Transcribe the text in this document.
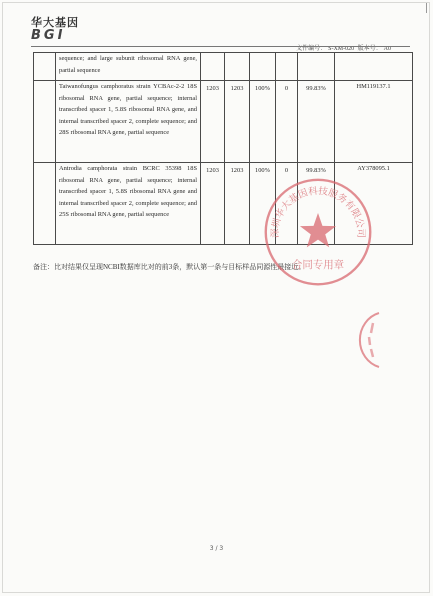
华大基因
BGI
文件编号： S-XM-020 版本号： A0
	sequence; and large subunit ribosomal RNA gene, partial sequence						
	Taiwanofungus camphoratus strain YCBAc-2-2 18S ribosomal RNA gene, partial sequence; internal transcribed spacer 1, 5.8S ribosomal RNA gene, and internal transcribed spacer 2, complete sequence; and 28S ribosomal RNA gene, partial sequence	1203	1203	100%	0	99.83%	HM119137.1
	Antrodia camphorata strain BCRC 35398 18S ribosomal RNA gene, partial sequence; internal transcribed spacer 1, 5.8S ribosomal RNA gene and internal transcribed spacer 2, complete sequence; and 25S ribosomal RNA gene, partial sequence	1203	1203	100%	0	99.83%	AY378095.1
备注：比对结果仅呈现NCBI数据库比对的前3条，默认第一条与目标样品同源性最接近。
深圳华大基因科技服务有限公司
合同专用章
3 / 3
